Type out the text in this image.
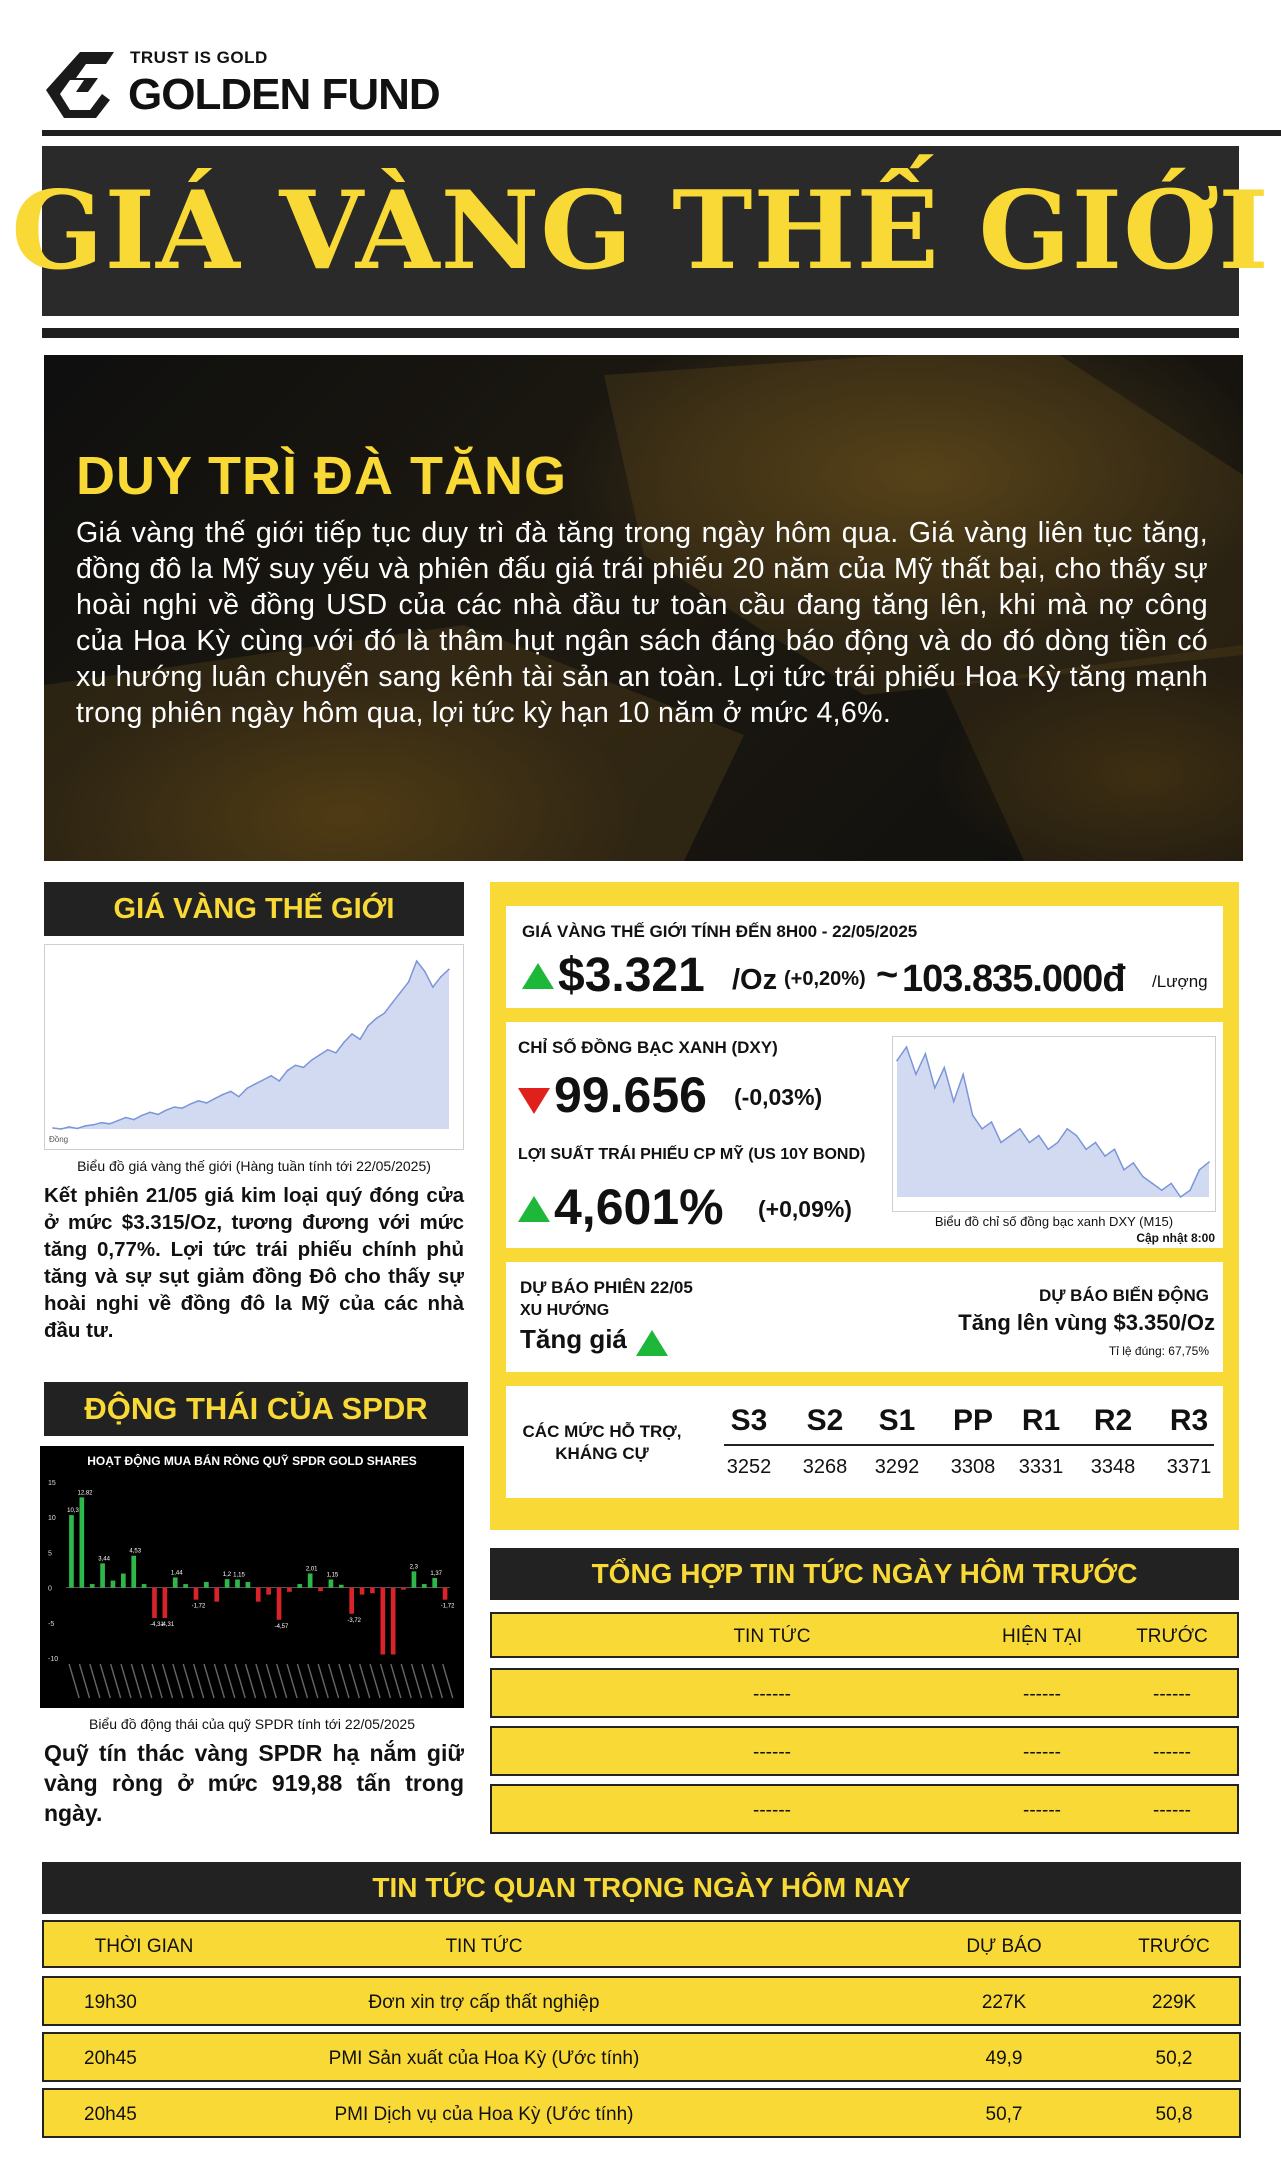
TRUST IS GOLD
GOLDEN FUND
GIÁ VÀNG THẾ GIỚI
DUY TRÌ ĐÀ TĂNG
Giá vàng thế giới tiếp tục duy trì đà tăng trong ngày hôm qua. Giá vàng liên tục tăng, đồng đô la Mỹ suy yếu và phiên đấu giá trái phiếu 20 năm của Mỹ thất bại, cho thấy sự hoài nghi về đồng USD của các nhà đầu tư toàn cầu đang tăng lên, khi mà nợ công của Hoa Kỳ cùng với đó là thâm hụt ngân sách đáng báo động và do đó dòng tiền có xu hướng luân chuyển sang kênh tài sản an toàn. Lợi tức trái phiếu Hoa Kỳ tăng mạnh trong phiên ngày hôm qua, lợi tức kỳ hạn 10 năm ở mức 4,6%.
GIÁ VÀNG THẾ GIỚI
Đồng
Biểu đồ giá vàng thế giới (Hàng tuần tính tới 22/05/2025)
Kết phiên 21/05 giá kim loại quý đóng cửa ở mức $3.315/Oz, tương đương với mức tăng 0,77%. Lợi tức trái phiếu chính phủ tăng và sự sụt giảm đồng Đô cho thấy sự hoài nghi về đồng đô la Mỹ của các nhà đầu tư.
ĐỘNG THÁI CỦA SPDR
HOẠT ĐỘNG MUA BÁN RÒNG QUỸ SPDR GOLD SHARES
15
10
5
0
-5
-10
10,3
12,82
3,44
4,53
-4,31
-4,31
1,44
-1,72
1,2 1,15
-4,57
2,01
1,15
-3,72
2,3
1,37
-1,72
Biểu đồ động thái của quỹ SPDR tính tới 22/05/2025
Quỹ tín thác vàng SPDR hạ nắm giữ vàng ròng ở mức 919,88 tấn trong ngày.
GIÁ VÀNG THẾ GIỚI TÍNH ĐẾN 8H00 - 22/05/2025
$3.321 /Oz (+0,20%) ~ 103.835.000đ /Lượng
CHỈ SỐ ĐỒNG BẠC XANH (DXY)
99.656 (-0,03%)
LỢI SUẤT TRÁI PHIẾU CP MỸ (US 10Y BOND)
4,601% (+0,09%)	Biểu đồ chỉ số đồng bạc xanh DXY (M15)
Cập nhật 8:00
DỰ BÁO PHIÊN 22/05
XU HƯỚNG
Tăng giá
DỰ BÁO BIẾN ĐỘNG
Tăng lên vùng $3.350/Oz
Tỉ lệ đúng: 67,75%
CÁC MỨC HỖ TRỢ,
KHÁNG CỰ
S3	S2	S1	PP R1	R2	R3
3252	3268	3292	3308	3331	3348	3371
TỔNG HỢP TIN TỨC NGÀY HÔM TRƯỚC
TIN TỨC	HIỆN TẠI	TRƯỚC
------	------	------
------	------	------
------	------	------
TIN TỨC QUAN TRỌNG NGÀY HÔM NAY
THỜI GIAN	TIN TỨC	DỰ BÁO	TRƯỚC
19h30	Đơn xin trợ cấp thất nghiệp	227K	229K
20h45	PMI Sản xuất của Hoa Kỳ (Ước tính)	49,9	50,2
20h45	PMI Dịch vụ của Hoa Kỳ (Ước tính)	50,7	50,8
